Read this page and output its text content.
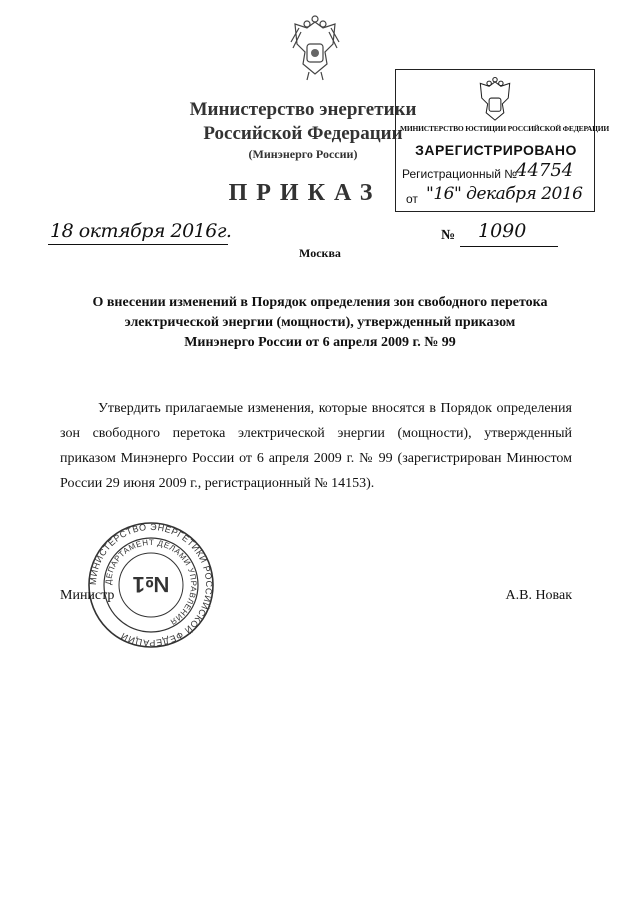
Министерство энергетики
Российской Федерации
(Минэнерго России)
ПРИКАЗ
МИНИСТЕРСТВО ЮСТИЦИИ РОССИЙСКОЙ ФЕДЕРАЦИИ
ЗАРЕГИСТРИРОВАНО
Регистрационный №
44754
от "16" декабря 2016
18 октября 2016г.	№ 1090
Москва
О внесении изменений в Порядок определения зон свободного перетока
электрической энергии (мощности), утвержденный приказом
Минэнерго России от 6 апреля 2009 г. № 99

Утвердить прилагаемые изменения, которые вносятся в Порядок определения зон свободного перетока электрической энергии (мощности), утвержденный приказом Минэнерго России от 6 апреля 2009 г. № 99 (зарегистрирован Минюстом России 29 июня 2009 г., регистрационный № 14153).

МИНИСТЕРСТВО ЭНЕРГЕТИКИ РОССИЙСКОЙ ФЕДЕРАЦИИ
ДЕПАРТАМЕНТ ДЕЛАМИ УПРАВЛЕНИЯ
№1
Министр	А.В. Новак
